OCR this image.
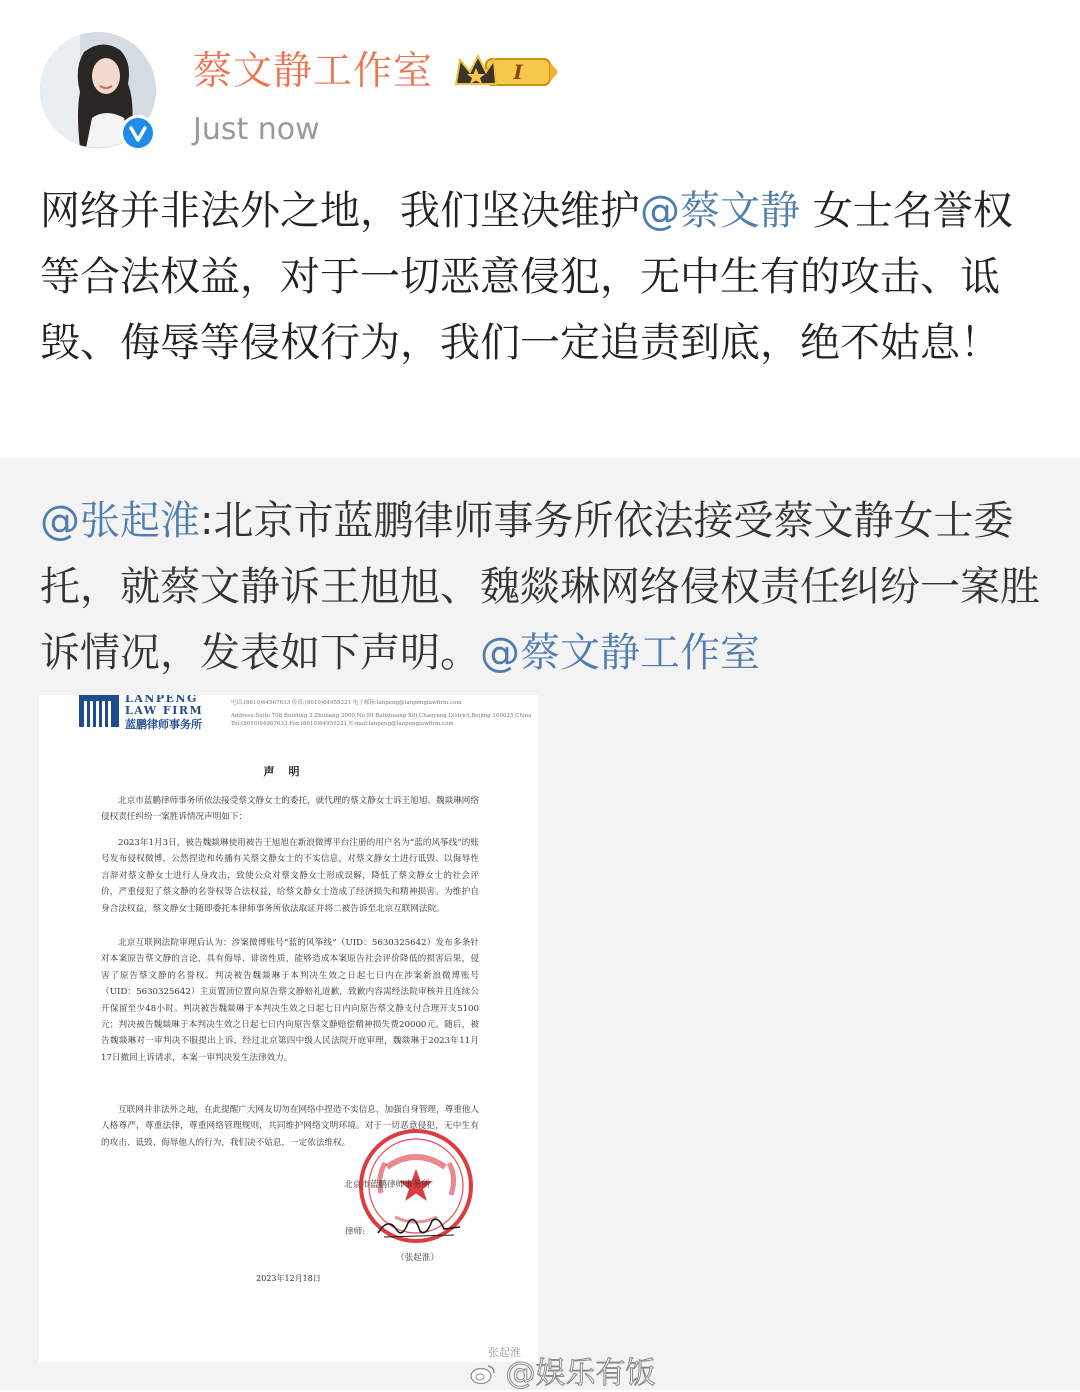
蔡文静工作室	I
Just now
网络并非法外之地，我们坚决维护@蔡文静 女士名誉权等合法权益，对于一切恶意侵犯，无中生有的攻击、诋毁、侮辱等侵权行为，我们一定追责到底，绝不姑息！
@张起淮:北京市蓝鹏律师事务所依法接受蔡文静女士委托，就蔡文静诉王旭旭、魏燚琳网络侵权责任纠纷一案胜诉情况，发表如下声明。@蔡文静工作室
LANPENG
LAW FIRM
蓝鹏律师事务所
电话:(8610)64967633 传真:(8610)64959221 电子邮箱:lanpeng@lanpenglawfirm.com
Address:Suite 708,Building 2,Zhubang 2000,No.99 Balizhuang Xili,Chaoyang District,Beijing 100025,China
Tel:(8610)64967633 Fax:(8610)64959221 E-mail:lanpeng@lanpenglawfirm.com
声明
北京市蓝鹏律师事务所依法接受蔡文静女士的委托，就代理的蔡文静女士诉王旭旭、魏燚琳网络侵权责任纠纷一案胜诉情况声明如下：
2023年1月3日，被告魏燚琳使用被告王旭旭在新浪微博平台注册的用户名为“蓝的风筝线”的账号发布侵权微博，公然捏造和传播有关蔡文静女士的不实信息，对蔡文静女士进行诋毁、以侮辱性言辞对蔡文静女士进行人身攻击，致使公众对蔡文静女士形成误解，降低了蔡文静女士的社会评价，严重侵犯了蔡文静的名誉权等合法权益，给蔡文静女士造成了经济损失和精神损害。为维护自身合法权益，蔡文静女士随即委托本律师事务所依法取证并将二被告诉至北京互联网法院。
北京互联网法院审理后认为：涉案微博账号“蓝的风筝线”（UID：5630325642）发布多条针对本案原告蔡文静的言论，具有侮辱、诽谤性质，能够造成本案原告社会评价降低的损害后果，侵害了原告蔡文静的名誉权。判决被告魏燚琳于本判决生效之日起七日内在涉案新浪微博账号（UID：5630325642）主页置顶位置向原告蔡文静赔礼道歉，致歉内容需经法院审核并且连续公开保留至少48小时。判决被告魏燚琳于本判决生效之日起七日内向原告蔡文静支付合理开支5100元；判决被告魏燚琳于本判决生效之日起七日内向原告蔡文静赔偿精神损失费20000元。随后，被告魏燚琳对一审判决不服提出上诉，经过北京第四中级人民法院开庭审理，魏燚琳于2023年11月17日撤回上诉请求，本案一审判决发生法律效力。
互联网并非法外之地，在此提醒广大网友切勿在网络中捏造不实信息，加强自身管理，尊重他人人格尊严，尊重法律，尊重网络管理规则，共同维护网络文明环境。对于一切恶意侵犯，无中生有的攻击、诋毁、侮辱他人的行为，我们决不姑息，一定依法维权。
北京市蓝鹏律师事务所
律师:
（张起淮）
2023年12月18日
张起淮
@娱乐有饭
